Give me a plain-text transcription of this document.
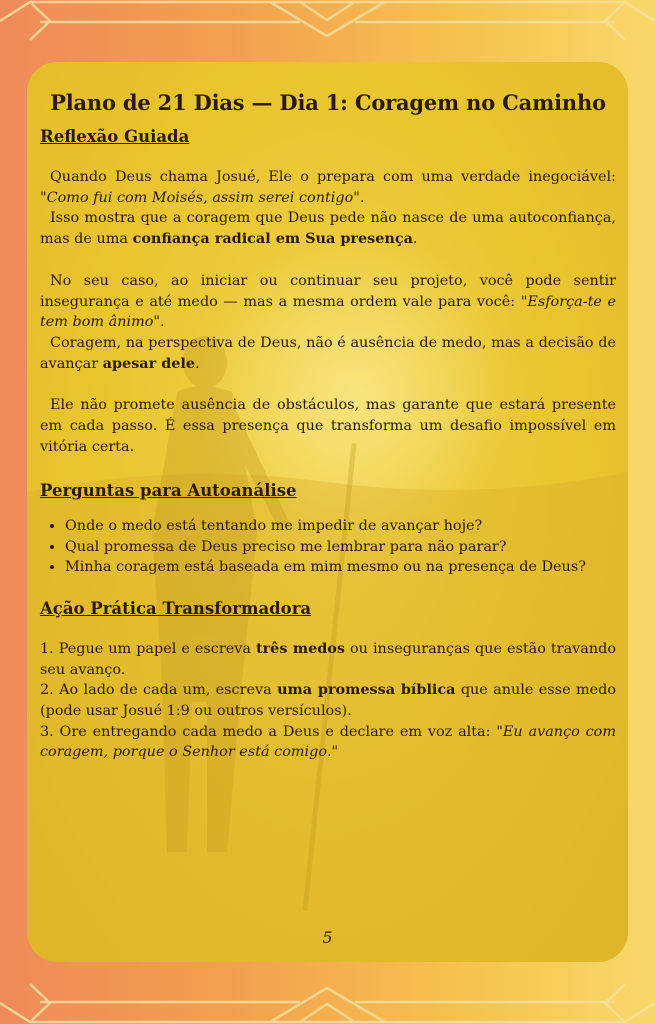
Plano de 21 Dias — Dia 1: Coragem no Caminho
Reflexão Guiada

Quando Deus chama Josué, Ele o prepara com uma verdade inegociável: "Como fui com Moisés, assim serei contigo".

Isso mostra que a coragem que Deus pede não nasce de uma autoconfiança, mas de uma confiança radical em Sua presença.

No seu caso, ao iniciar ou continuar seu projeto, você pode sentir insegurança e até medo — mas a mesma ordem vale para você: "Esforça-te e tem bom ânimo".

Coragem, na perspectiva de Deus, não é ausência de medo, mas a decisão de avançar apesar dele.

Ele não promete ausência de obstáculos, mas garante que estará presente em cada passo. É essa presença que transforma um desafio impossível em vitória certa.

Perguntas para Autoanálise
• Onde o medo está tentando me impedir de avançar hoje?
• Qual promessa de Deus preciso me lembrar para não parar?
• Minha coragem está baseada em mim mesmo ou na presença de Deus?
Ação Prática Transformadora

1. Pegue um papel e escreva três medos ou inseguranças que estão travando seu avanço.

2. Ao lado de cada um, escreva uma promessa bíblica que anule esse medo (pode usar Josué 1:9 ou outros versículos).

3. Ore entregando cada medo a Deus e declare em voz alta: "Eu avanço com coragem, porque o Senhor está comigo."

5
